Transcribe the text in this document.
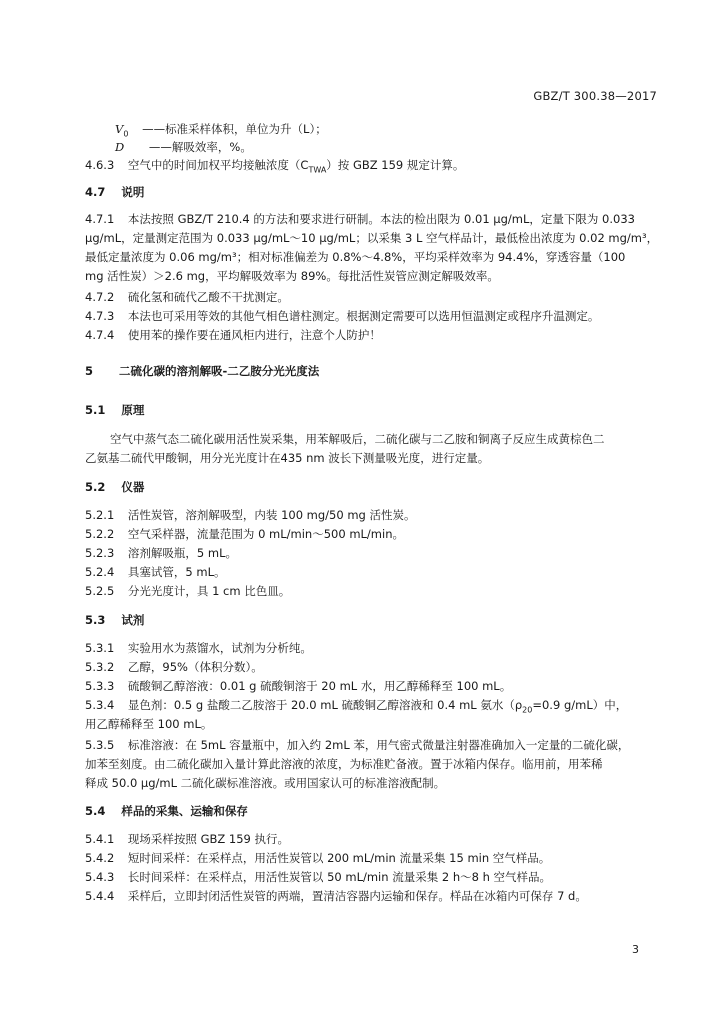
GBZ/T 300.38—2017
$V_0$ ——标准采样体积，单位为升（L）；
D ——解吸效率，%。
4.6.3 空气中的时间加权平均接触浓度$(C_{TWA})$按 GBZ 159 规定计算。
4.7 说明
4.7.1 本法按照 GBZ/T 210.4 的方法和要求进行研制。本法的检出限为 0.01 μg/mL，定量下限为 0.033
μg/mL，定量测定范围为 0.033 μg/mL～10 μg/mL；以采集 3 L 空气样品计，最低检出浓度为 0.02 mg/m³，
最低定量浓度为 0.06 mg/m³；相对标准偏差为 0.8%～4.8%，平均采样效率为 94.4%，穿透容量（100
mg 活性炭）＞2.6 mg，平均解吸效率为 89%。每批活性炭管应测定解吸效率。
4.7.2 硫化氢和硫代乙酸不干扰测定。
4.7.3 本法也可采用等效的其他气相色谱柱测定。根据测定需要可以选用恒温测定或程序升温测定。
4.7.4 使用苯的操作要在通风柜内进行，注意个人防护！
5 二硫化碳的溶剂解吸-二乙胺分光光度法
5.1 原理
空气中蒸气态二硫化碳用活性炭采集，用苯解吸后，二硫化碳与二乙胺和铜离子反应生成黄棕色二
乙氨基二硫代甲酸铜，用分光光度计在435 nm 波长下测量吸光度，进行定量。
5.2 仪器
5.2.1 活性炭管，溶剂解吸型，内装 100 mg/50 mg 活性炭。
5.2.2 空气采样器，流量范围为 0 mL/min～500 mL/min。
5.2.3 溶剂解吸瓶，5 mL。
5.2.4 具塞试管，5 mL。
5.2.5 分光光度计，具 1 cm 比色皿。
5.3 试剂
5.3.1 实验用水为蒸馏水，试剂为分析纯。
5.3.2 乙醇，95%（体积分数）。
5.3.3 硫酸铜乙醇溶液：0.01 g 硫酸铜溶于 20 mL 水，用乙醇稀释至 100 mL。
5.3.4 显色剂：0.5 g 盐酸二乙胺溶于 20.0 mL 硫酸铜乙醇溶液和 0.4 mL 氨水（$\rho_{20}=0.9$ g/mL）中，
用乙醇稀释至 100 mL。
5.3.5 标准溶液：在 5mL 容量瓶中，加入约 2mL 苯，用气密式微量注射器准确加入一定量的二硫化碳，
加苯至刻度。由二硫化碳加入量计算此溶液的浓度，为标准贮备液。置于冰箱内保存。临用前，用苯稀
释成 50.0 μg/mL 二硫化碳标准溶液。或用国家认可的标准溶液配制。
5.4 样品的采集、运输和保存
5.4.1 现场采样按照 GBZ 159 执行。
5.4.2 短时间采样：在采样点，用活性炭管以 200 mL/min 流量采集 15 min 空气样品。
5.4.3 长时间采样：在采样点，用活性炭管以 50 mL/min 流量采集 2 h～8 h 空气样品。
5.4.4 采样后，立即封闭活性炭管的两端，置清洁容器内运输和保存。样品在冰箱内可保存 7 d。
3
